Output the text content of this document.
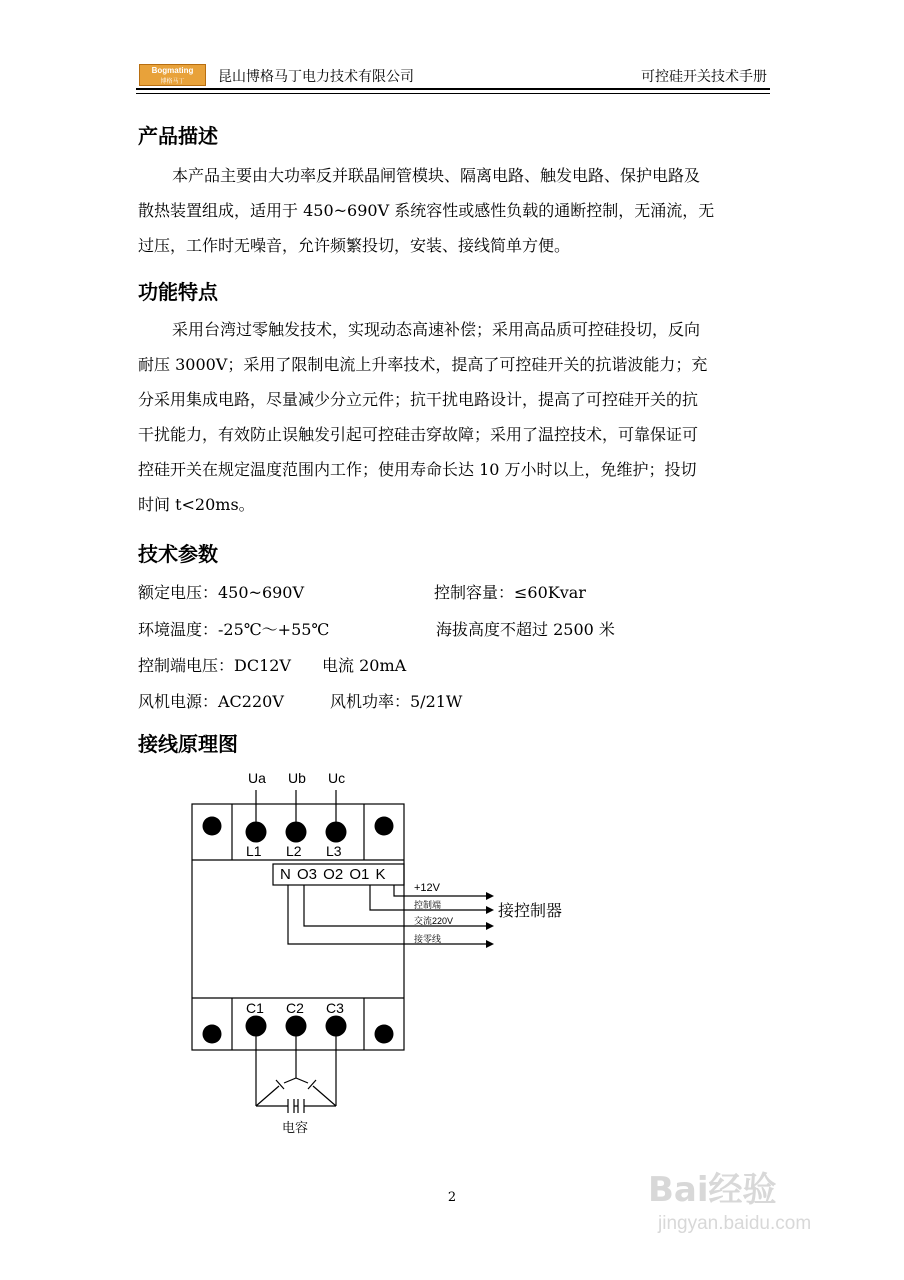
Bogmating
博格马丁	昆山博格马丁电力技术有限公司	可控硅开关技术手册
产品描述
本产品主要由大功率反并联晶闸管模块、隔离电路、触发电路、保护电路及
散热装置组成，适用于 450~690V 系统容性或感性负载的通断控制，无涌流，无
过压，工作时无噪音，允许频繁投切，安装、接线简单方便。
功能特点
采用台湾过零触发技术，实现动态高速补偿；采用高品质可控硅投切，反向
耐压 3000V；采用了限制电流上升率技术，提高了可控硅开关的抗谐波能力；充
分采用集成电路，尽量减少分立元件；抗干扰电路设计，提高了可控硅开关的抗
干扰能力，有效防止误触发引起可控硅击穿故障；采用了温控技术，可靠保证可
控硅开关在规定温度范围内工作；使用寿命长达 10 万小时以上，免维护；投切
时间 t<20ms。
技术参数
额定电压：450~690V	控制容量：≤60Kvar
环境温度：-25℃～+55℃	海拔高度不超过 2500 米
控制端电压：DC12V 电流 20mA
风机电源：AC220V	风机功率：5/21W
接线原理图
Ua Ub Uc
L1 L2 L3
N O3 O2 O1 K
+12V
控制端
交流220V
接零线
接控制器
C1 C2 C3
电容
2	Bai经验
jingyan.baidu.com
